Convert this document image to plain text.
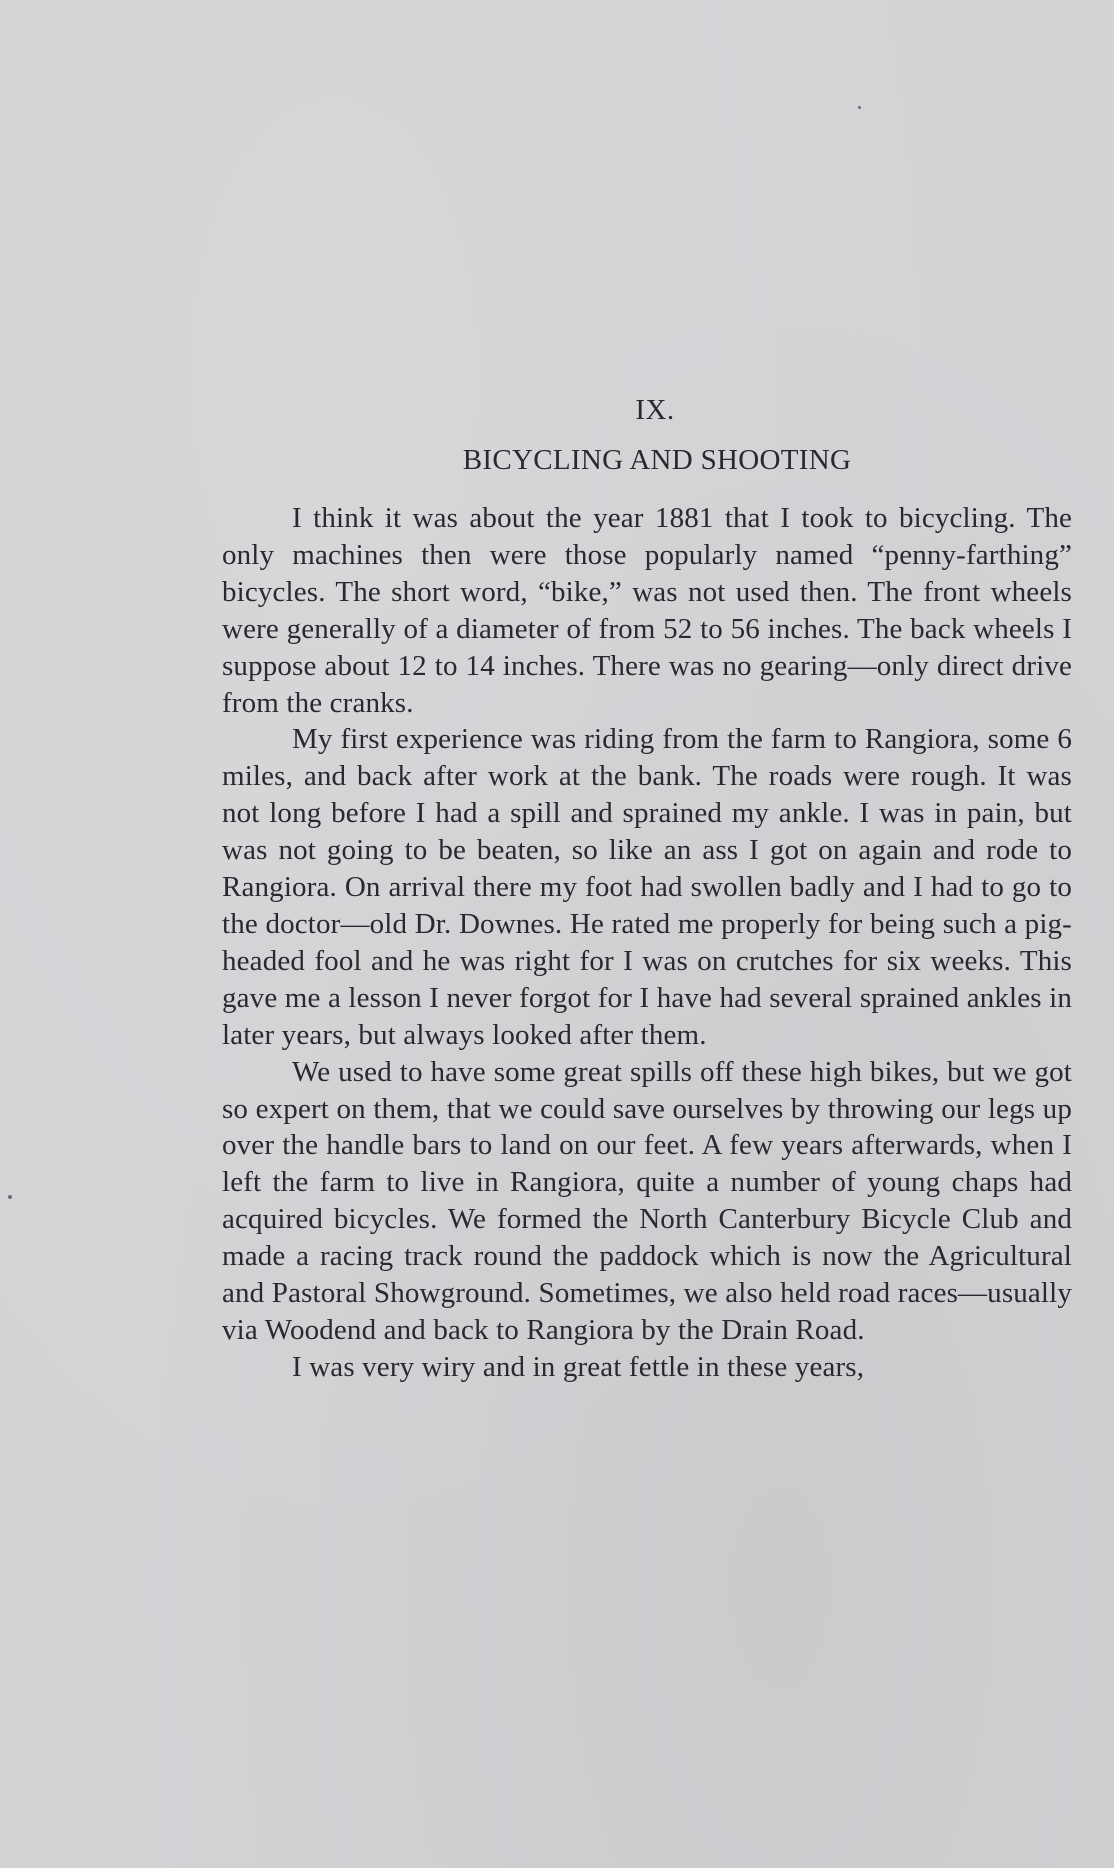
IX.
BICYCLING AND SHOOTING

I think it was about the year 1881 that I took to bicycling. The only machines then were those popularly named “penny-farthing” bicycles. The short word, “bike,” was not used then. The front wheels were generally of a diameter of from 52 to 56 inches. The back wheels I suppose about 12 to 14 inches. There was no gearing—only direct drive from the cranks.

My first experience was riding from the farm to Rangiora, some 6 miles, and back after work at the bank. The roads were rough. It was not long before I had a spill and sprained my ankle. I was in pain, but was not going to be beaten, so like an ass I got on again and rode to Rangiora. On arrival there my foot had swollen badly and I had to go to the doctor—old Dr. Downes. He rated me properly for being such a pig-headed fool and he was right for I was on crutches for six weeks. This gave me a lesson I never forgot for I have had several sprained ankles in later years, but always looked after them.

We used to have some great spills off these high bikes, but we got so expert on them, that we could save ourselves by throwing our legs up over the handle bars to land on our feet. A few years afterwards, when I left the farm to live in Rangiora, quite a number of young chaps had acquired bicycles. We formed the North Canterbury Bicycle Club and made a racing track round the paddock which is now the Agricultural and Pastoral Showground. Sometimes, we also held road races—usually via Woodend and back to Rangiora by the Drain Road.

I was very wiry and in great fettle in these years,
